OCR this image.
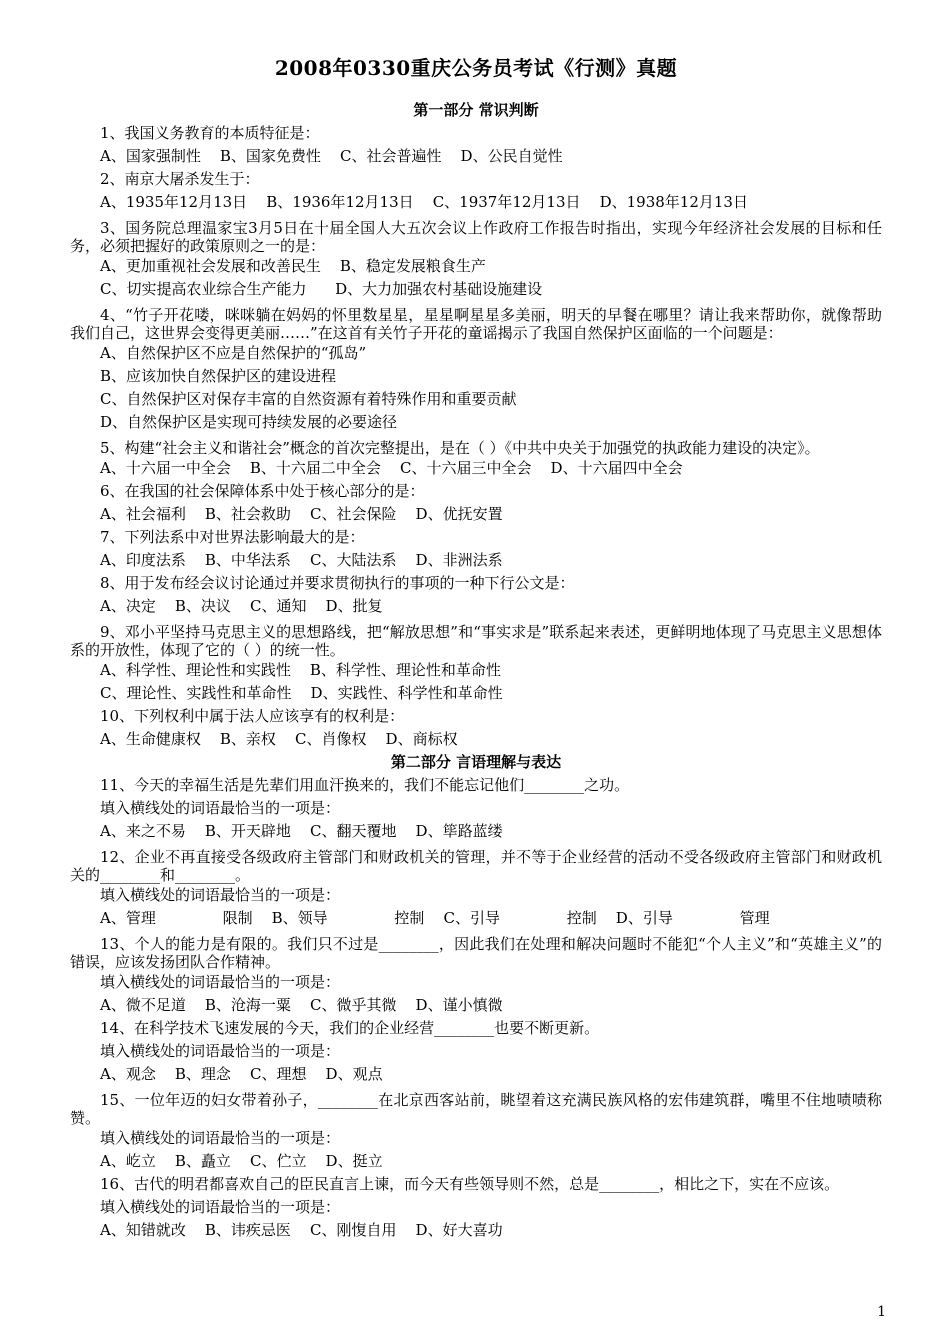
2008年0330重庆公务员考试《行测》真题
第一部分 常识判断
1、我国义务教育的本质特征是：
A、国家强制性    B、国家免费性    C、社会普遍性    D、公民自觉性
2、南京大屠杀发生于：
A、1935年12月13日    B、1936年12月13日    C、1937年12月13日    D、1938年12月13日
3、国务院总理温家宝3月5日在十届全国人大五次会议上作政府工作报告时指出，实现今年经济社会发展的目标和任务，必须把握好的政策原则之一的是：
A、更加重视社会发展和改善民生    B、稳定发展粮食生产
C、切实提高农业综合生产能力      D、大力加强农村基础设施建设
4、“竹子开花喽，咪咪躺在妈妈的怀里数星星，星星啊星星多美丽，明天的早餐在哪里？请让我来帮助你，就像帮助我们自己，这世界会变得更美丽……”在这首有关竹子开花的童谣揭示了我国自然保护区面临的一个问题是：
A、自然保护区不应是自然保护的“孤岛”
B、应该加快自然保护区的建设进程
C、自然保护区对保存丰富的自然资源有着特殊作用和重要贡献
D、自然保护区是实现可持续发展的必要途径
5、构建“社会主义和谐社会”概念的首次完整提出，是在（ ）《中共中央关于加强党的执政能力建设的决定》。
A、十六届一中全会    B、十六届二中全会    C、十六届三中全会    D、十六届四中全会
6、在我国的社会保障体系中处于核心部分的是：
A、社会福利    B、社会救助    C、社会保险    D、优抚安置
7、下列法系中对世界法影响最大的是：
A、印度法系    B、中华法系    C、大陆法系    D、非洲法系
8、用于发布经会议讨论通过并要求贯彻执行的事项的一种下行公文是：
A、决定    B、决议    C、通知    D、批复
9、邓小平坚持马克思主义的思想路线，把“解放思想”和“事实求是”联系起来表述，更鲜明地体现了马克思主义思想体系的开放性，体现了它的（ ）的统一性。
A、科学性、理论性和实践性    B、科学性、理论性和革命性
C、理论性、实践性和革命性    D、实践性、科学性和革命性
10、下列权利中属于法人应该享有的权利是：
A、生命健康权    B、亲权    C、肖像权    D、商标权
第二部分 言语理解与表达
11、今天的幸福生活是先辈们用血汗换来的，我们不能忘记他们________之功。
填入横线处的词语最恰当的一项是：
A、来之不易    B、开天辟地    C、翻天覆地    D、筚路蓝缕
12、企业不再直接受各级政府主管部门和财政机关的管理，并不等于企业经营的活动不受各级政府主管部门和财政机关的________和________。
填入横线处的词语最恰当的一项是：
A、管理              限制    B、领导              控制    C、引导              控制    D、引导              管理
13、个人的能力是有限的。我们只不过是________，因此我们在处理和解决问题时不能犯“个人主义”和“英雄主义”的错误，应该发扬团队合作精神。
填入横线处的词语最恰当的一项是：
A、微不足道    B、沧海一粟    C、微乎其微    D、谨小慎微
14、在科学技术飞速发展的今天，我们的企业经营________也要不断更新。
填入横线处的词语最恰当的一项是：
A、观念    B、理念    C、理想    D、观点
15、一位年迈的妇女带着孙子，________在北京西客站前，眺望着这充满民族风格的宏伟建筑群，嘴里不住地啧啧称赞。
填入横线处的词语最恰当的一项是：
A、屹立    B、矗立    C、伫立    D、挺立
16、古代的明君都喜欢自己的臣民直言上谏，而今天有些领导则不然，总是________，相比之下，实在不应该。
填入横线处的词语最恰当的一项是：
A、知错就改    B、讳疾忌医    C、刚愎自用    D、好大喜功
1
